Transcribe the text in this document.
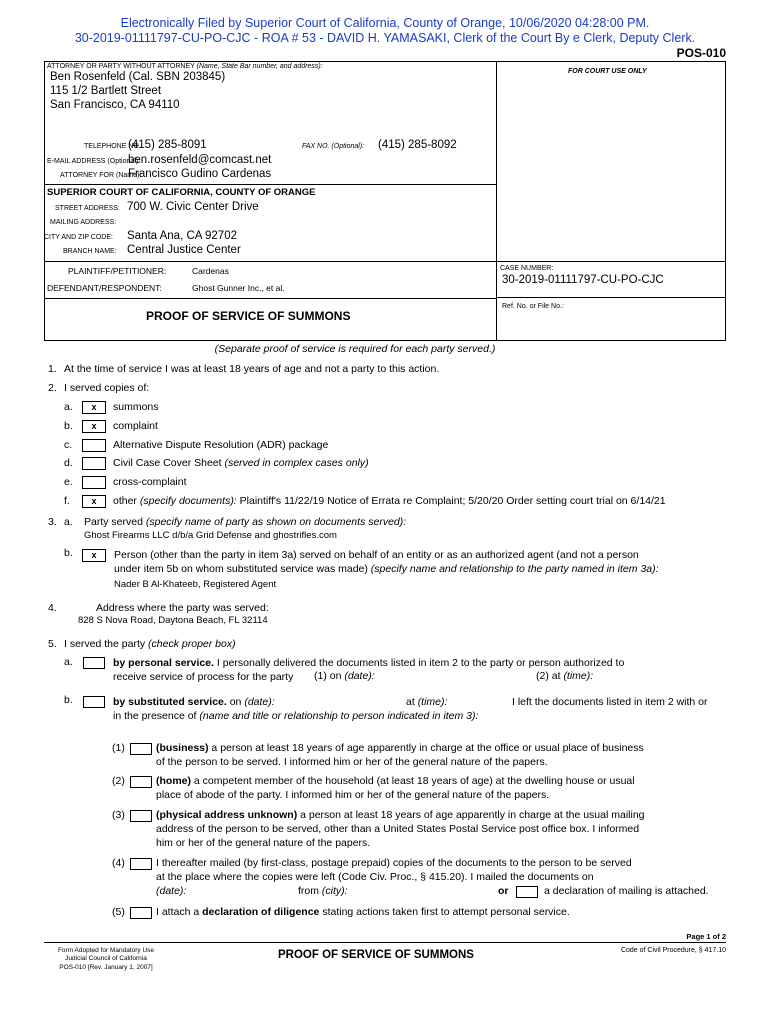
Electronically Filed by Superior Court of California, County of Orange, 10/06/2020 04:28:00 PM.
30-2019-01111797-CU-PO-CJC - ROA # 53 - DAVID H. YAMASAKI, Clerk of the Court By e Clerk, Deputy Clerk.
POS-010
ATTORNEY OR PARTY WITHOUT ATTORNEY (Name, State Bar number, and address):
Ben Rosenfeld (Cal. SBN 203845)
115 1/2 Bartlett Street
San Francisco, CA 94110
TELEPHONE NO.:
(415) 285-8091	FAX NO. (Optional): (415) 285-8092
E-MAIL ADDRESS (Optional):
ben.rosenfeld@comcast.net
ATTORNEY FOR (Name):
Francisco Gudino Cardenas
FOR COURT USE ONLY
SUPERIOR COURT OF CALIFORNIA, COUNTY OF ORANGE
STREET ADDRESS: 700 W. Civic Center Drive
MAILING ADDRESS:
CITY AND ZIP CODE: Santa Ana, CA 92702
BRANCH NAME: Central Justice Center
PLAINTIFF/PETITIONER:	Cardenas
DEFENDANT/RESPONDENT:	Ghost Gunner Inc., et al.
CASE NUMBER:
30-2019-01111797-CU-PO-CJC
Ref. No. or File No.:
PROOF OF SERVICE OF SUMMONS
(Separate proof of service is required for each party served.)
1. At the time of service I was at least 18 years of age and not a party to this action.
2. I served copies of:
a.	x	summons
b.	x	complaint
c.	Alternative Dispute Resolution (ADR) package
d.	Civil Case Cover Sheet (served in complex cases only)
e.	cross-complaint
f.	x	other (specify documents): Plaintiff's 11/22/19 Notice of Errata re Complaint; 5/20/20 Order setting court trial on 6/14/21
3. a. Party served (specify name of party as shown on documents served):
Ghost Firearms LLC d/b/a Grid Defense and ghostrifles.com
b.	x	Person (other than the party in item 3a) served on behalf of an entity or as an authorized agent (and not a person
under item 5b on whom substituted service was made) (specify name and relationship to the party named in item 3a):
Nader B Al-Khateeb, Registered Agent
4.	Address where the party was served:
828 S Nova Road, Daytona Beach, FL 32114
5. I served the party (check proper box)
a.	by personal service. I personally delivered the documents listed in item 2 to the party or person authorized to
receive service of process for the party (1) on (date):	(2) at (time):
b.	by substituted service. on (date):	at (time):	I left the documents listed in item 2 with or
in the presence of (name and title or relationship to person indicated in item 3):
(1)	(business) a person at least 18 years of age apparently in charge at the office or usual place of business
of the person to be served. I informed him or her of the general nature of the papers.
(2)	(home) a competent member of the household (at least 18 years of age) at the dwelling house or usual
place of abode of the party. I informed him or her of the general nature of the papers.
(3)	(physical address unknown) a person at least 18 years of age apparently in charge at the usual mailing
address of the person to be served, other than a United States Postal Service post office box. I informed
him or her of the general nature of the papers.
(4)	I thereafter mailed (by first-class, postage prepaid) copies of the documents to the person to be served
at the place where the copies were left (Code Civ. Proc., § 415.20). I mailed the documents on
(date):	from (city):	or	a declaration of mailing is attached.
(5)	I attach a declaration of diligence stating actions taken first to attempt personal service.
Page 1 of 2
Form Adopted for Mandatory Use
Judicial Council of California
POS-010 [Rev. January 1, 2007]
PROOF OF SERVICE OF SUMMONS	Code of Civil Procedure, § 417.10
